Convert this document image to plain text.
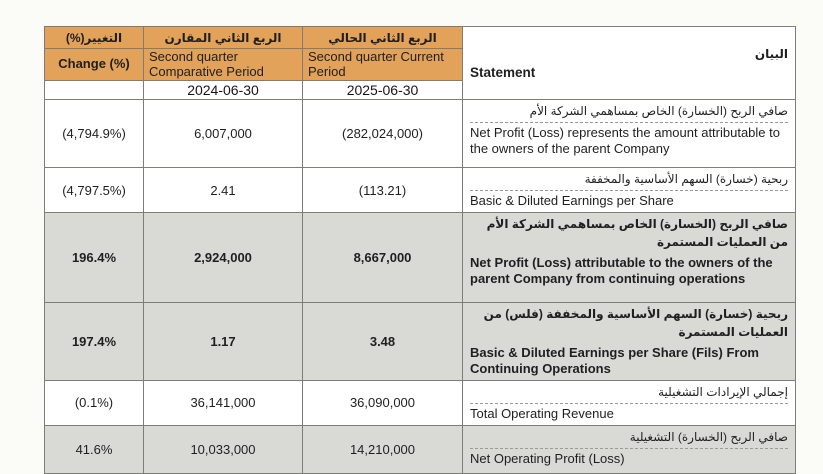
التغيير(%)	الربع الثاني المقارن	الربع الثاني الحالي	البيان
Statement

Change (%)	Second quarter Comparative Period	Second quarter Current Period	
	2024-06-30	2025-06-30	
(4,794.9%)	6,007,000	(282,024,000)	صافي الربح (الخسارة) الخاص بمساهمي الشركة الأم
Net Profit (Loss) represents the amount attributable to the owners of the parent Company

(4,797.5%)	2.41	(113.21)	ربحية (خسارة) السهم الأساسية والمخففة
Basic & Diluted Earnings per Share

196.4%	2,924,000	8,667,000	صافي الربح (الخسارة) الخاص بمساهمي الشركة الأم من العمليات المستمرة
Net Profit (Loss) attributable to the owners of the parent Company from continuing operations

197.4%	1.17	3.48	ربحية (خسارة) السهم الأساسية والمخففة (فلس) من العمليات المستمرة
Basic & Diluted Earnings per Share (Fils) From Continuing Operations

(0.1%)	36,141,000	36,090,000	إجمالي الإيرادات التشغيلية
Total Operating Revenue

41.6%	10,033,000	14,210,000	صافي الربح (الخسارة) التشغيلية
Net Operating Profit (Loss)
